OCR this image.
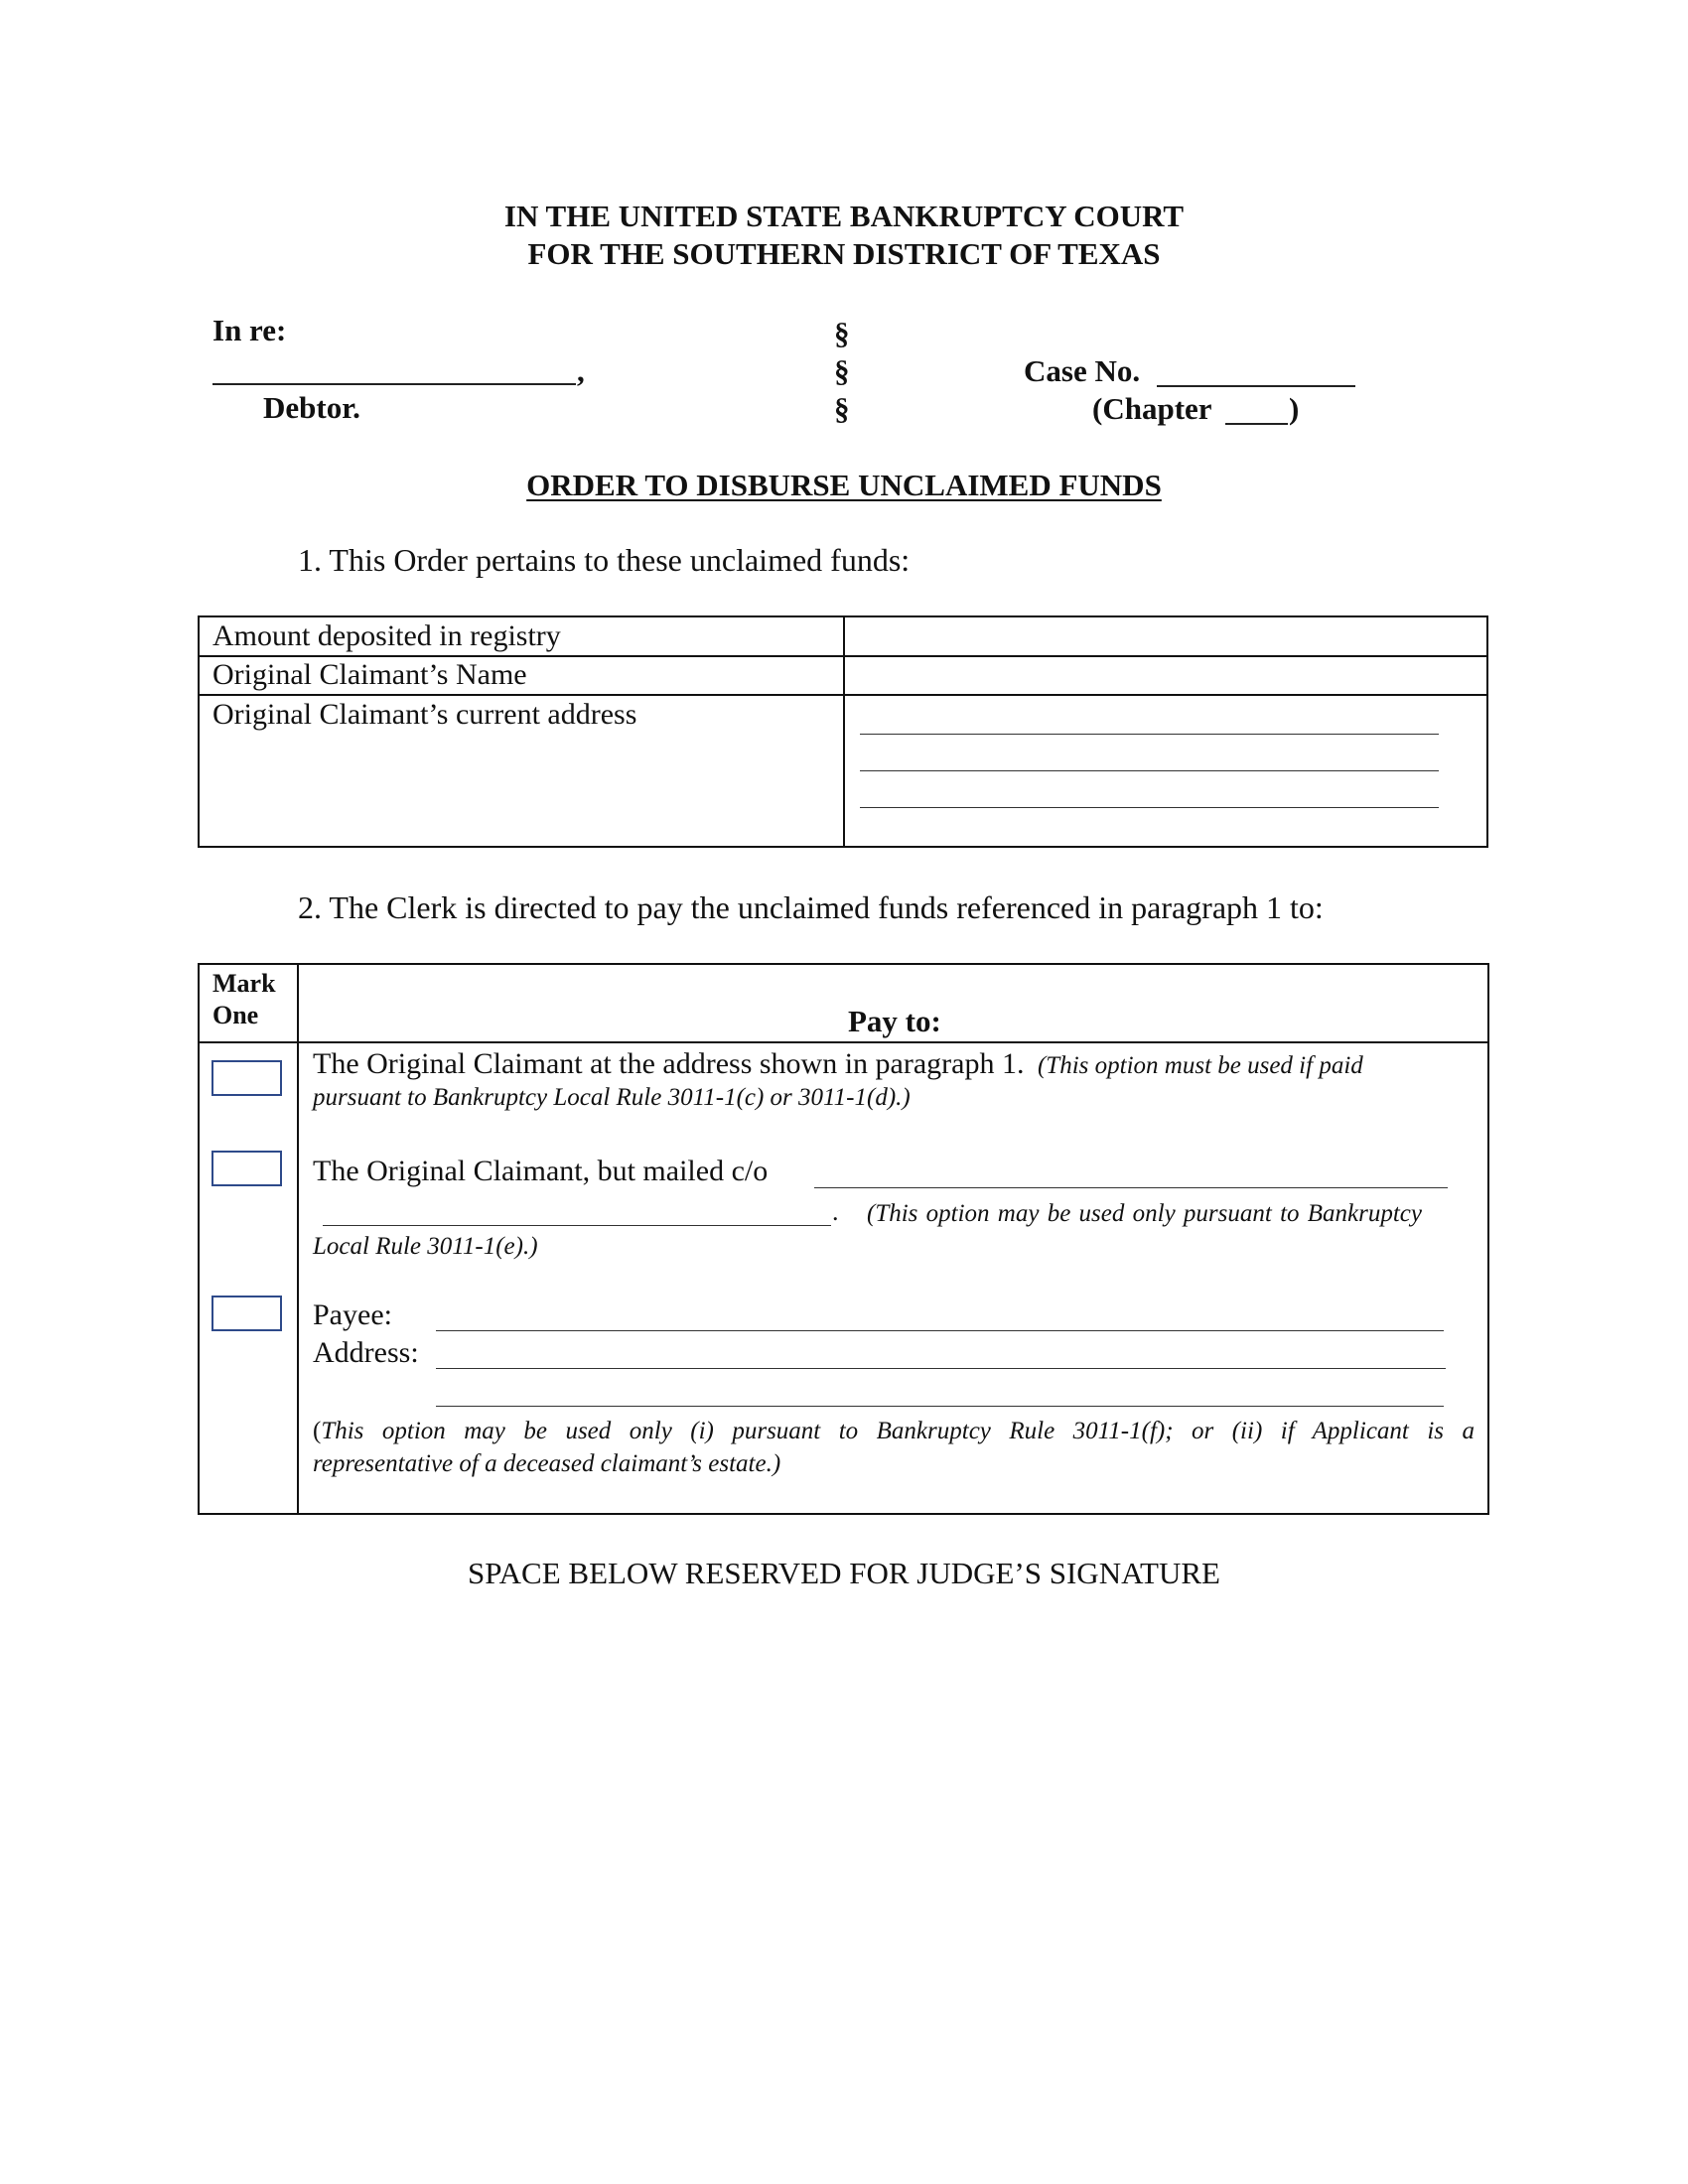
IN THE UNITED STATE BANKRUPTCY COURT
FOR THE SOUTHERN DISTRICT OF TEXAS
In re:
,
Debtor.
§
§
§
Case No.
(Chapter )
ORDER TO DISBURSE UNCLAIMED FUNDS
1. This Order pertains to these unclaimed funds:
Amount deposited in registry
Original Claimant’s Name
Original Claimant’s current address
2. The Clerk is directed to pay the unclaimed funds referenced in paragraph 1 to:
Mark
One	Pay to:
The Original Claimant at the address shown in paragraph 1. (This option must be used if paid
pursuant to Bankruptcy Local Rule 3011-1(c) or 3011-1(d).)
The Original Claimant, but mailed c/o
. (This option may be used only pursuant to Bankruptcy
Local Rule 3011-1(e).)
Payee:
Address:
(This option may be used only (i) pursuant to Bankruptcy Rule 3011-1(f); or (ii) if Applicant is a
representative of a deceased claimant’s estate.)
SPACE BELOW RESERVED FOR JUDGE’S SIGNATURE
